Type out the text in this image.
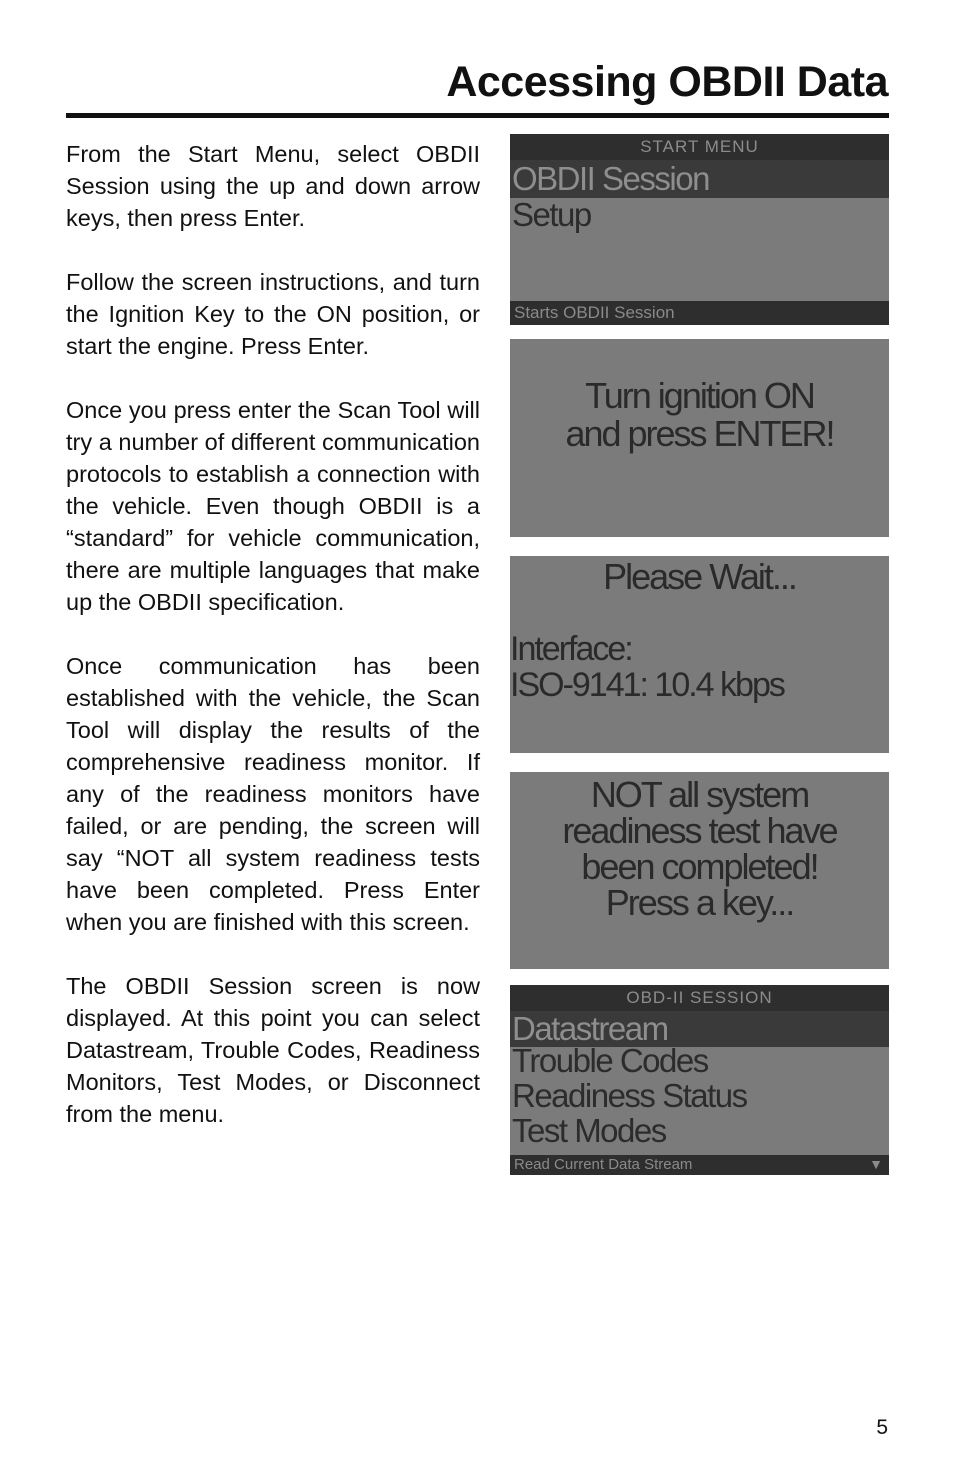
Accessing OBDII Data

From the Start Menu, select OBDII Session using the up and down arrow keys, then press Enter.

Follow the screen instructions, and turn the Ignition Key to the ON position, or start the engine. Press Enter.

Once you press enter the Scan Tool will try a number of different communication protocols to establish a connection with the vehicle. Even though OBDII is a “standard” for vehicle communication, there are multiple languages that make up the OBDII specification.

Once communication has been established with the vehicle, the Scan Tool will display the results of the comprehensive readiness monitor. If any of the readiness monitors have failed, or are pending, the screen will say “NOT all system readiness tests have been completed. Press Enter when you are finished with this screen.

The OBDII Session screen is now displayed. At this point you can select Datastream, Trouble Codes, Readiness Monitors, Test Modes, or Disconnect from the menu.

START MENU
OBDII Session
Setup
Starts OBDII Session
Turn ignition ON
and press ENTER!
Please Wait...
Interface:
ISO-9141: 10.4 kbps
NOT all system
readiness test have
been completed!
Press a key...
OBD-II SESSION
Datastream
Trouble Codes
Readiness Status
Test Modes
Read Current Data Stream	▼
5
